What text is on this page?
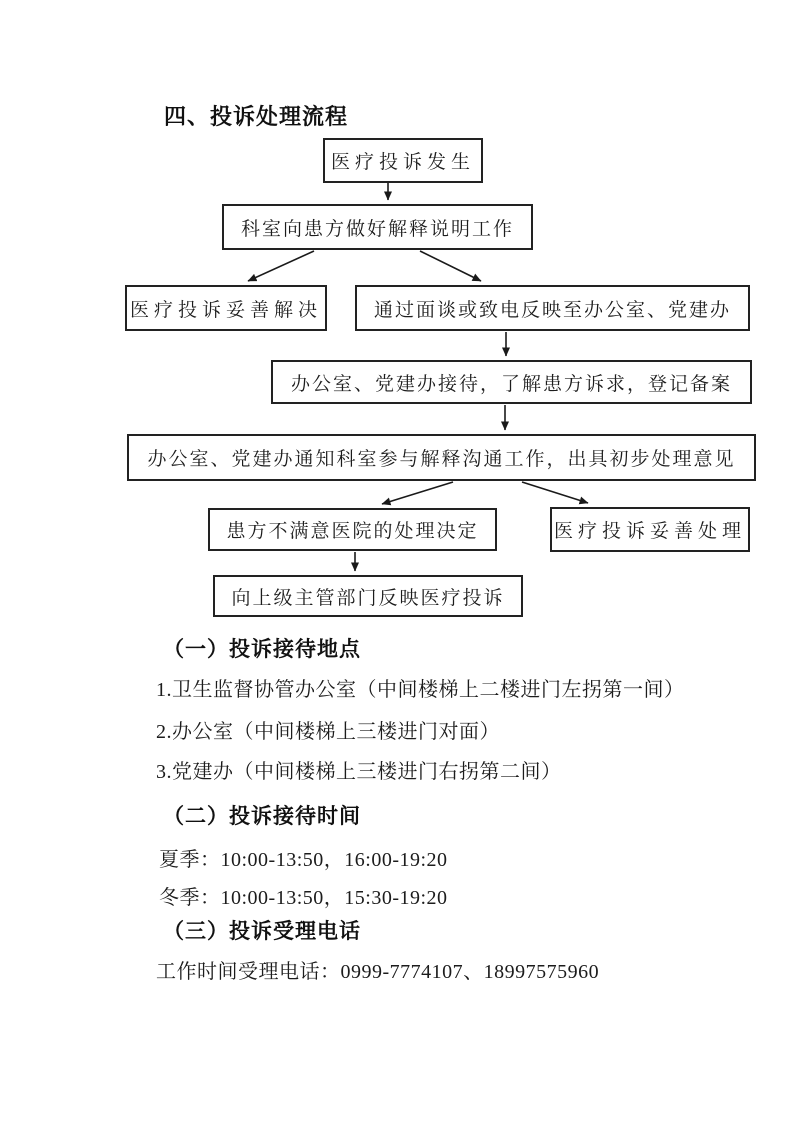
四、投诉处理流程
医疗投诉发生
科室向患方做好解释说明工作
医疗投诉妥善解决	通过面谈或致电反映至办公室、党建办
办公室、党建办接待，了解患方诉求，登记备案
办公室、党建办通知科室参与解释沟通工作，出具初步处理意见
患方不满意医院的处理决定	医疗投诉妥善处理
向上级主管部门反映医疗投诉
（一）投诉接待地点
1.卫生监督协管办公室（中间楼梯上二楼进门左拐第一间）
2.办公室（中间楼梯上三楼进门对面）
3.党建办（中间楼梯上三楼进门右拐第二间）
（二）投诉接待时间
夏季：10:00-13:50，16:00-19:20
冬季：10:00-13:50，15:30-19:20
（三）投诉受理电话
工作时间受理电话：0999-7774107、18997575960
